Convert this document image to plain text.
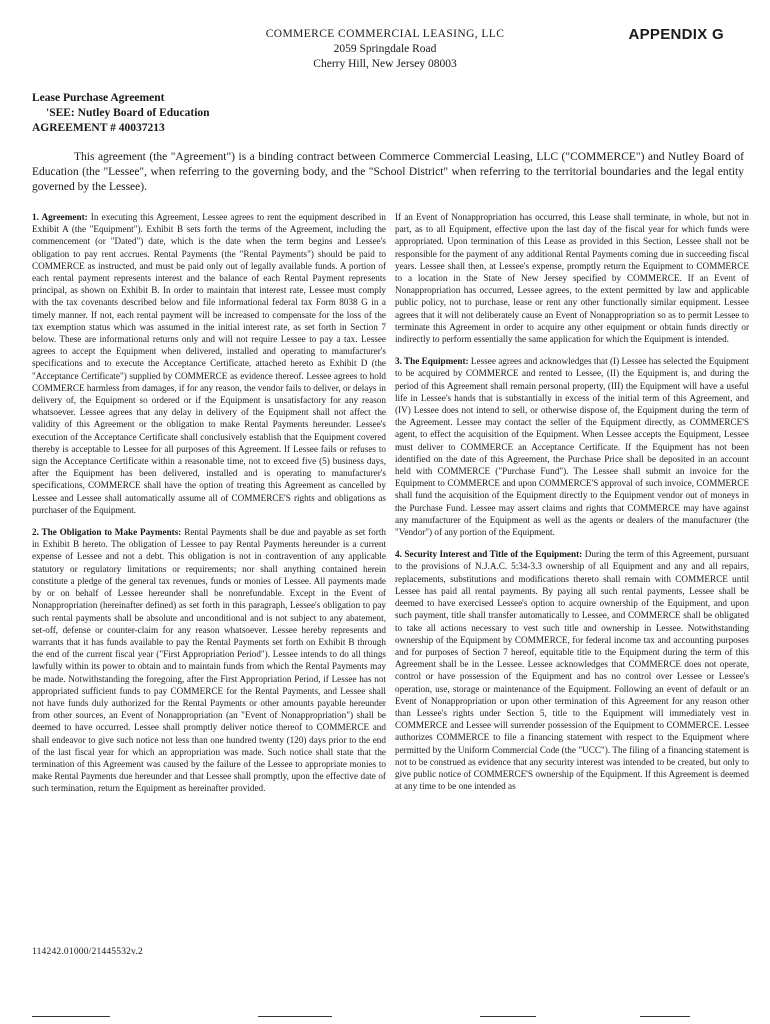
APPENDIX G
COMMERCE COMMERCIAL LEASING, LLC
2059 Springdale Road
Cherry Hill, New Jersey 08003
Lease Purchase Agreement
'SEE: Nutley Board of Education
AGREEMENT # 40037213
This agreement (the "Agreement") is a binding contract between Commerce Commercial Leasing, LLC ("COMMERCE") and Nutley Board of Education (the "Lessee", when referring to the governing body, and the "School District" when referring to the territorial boundaries and the legal entity governed by the Lessee).

1. Agreement: In executing this Agreement, Lessee agrees to rent the equipment described in Exhibit A (the "Equipment"). Exhibit B sets forth the terms of the Agreement, including the commencement (or "Dated") date, which is the date when the term begins and Lessee's obligation to pay rent accrues. Rental Payments (the "Rental Payments") should be paid to COMMERCE as instructed, and must be paid only out of legally available funds. A portion of each rental payment represents interest and the balance of each Rental Payment represents principal, as shown on Exhibit B. In order to maintain that interest rate, Lessee must comply with the tax covenants described below and file informational federal tax Form 8038 G in a timely manner. If not, each rental payment will be increased to compensate for the loss of the tax exemption status which was assumed in the initial interest rate, as set forth in Section 7 below. These are informational returns only and will not require Lessee to pay a tax. Lessee agrees to accept the Equipment when delivered, installed and operating to manufacturer's specifications and to execute the Acceptance Certificate, attached hereto as Exhibit D (the "Acceptance Certificate") supplied by COMMERCE as evidence thereof. Lessee agrees to hold COMMERCE harmless from damages, if for any reason, the vendor fails to deliver, or delays in delivery of, the Equipment so ordered or if the Equipment is unsatisfactory for any reason whatsoever. Lessee agrees that any delay in delivery of the Equipment shall not affect the validity of this Agreement or the obligation to make Rental Payments hereunder. Lessee's execution of the Acceptance Certificate shall conclusively establish that the Equipment covered thereby is acceptable to Lessee for all purposes of this Agreement. If Lessee fails or refuses to sign the Acceptance Certificate within a reasonable time, not to exceed five (5) business days, after the Equipment has been delivered, installed and is operating to manufacturer's specifications, COMMERCE shall have the option of treating this Agreement as cancelled by Lessee and Lessee shall automatically assume all of COMMERCE'S rights and obligations as purchaser of the Equipment.

2. The Obligation to Make Payments: Rental Payments shall be due and payable as set forth in Exhibit B hereto. The obligation of Lessee to pay Rental Payments hereunder is a current expense of Lessee and not a debt. This obligation is not in contravention of any applicable statutory or regulatory limitations or requirements; nor shall anything contained herein constitute a pledge of the general tax revenues, funds or monies of Lessee. All payments made by or on behalf of Lessee hereunder shall be nonrefundable. Except in the Event of Nonappropriation (hereinafter defined) as set forth in this paragraph, Lessee's obligation to pay such rental payments shall be absolute and unconditional and is not subject to any abatement, set-off, defense or counter-claim for any reason whatsoever. Lessee hereby represents and warrants that it has funds available to pay the Rental Payments set forth on Exhibit B through the end of the current fiscal year ("First Appropriation Period"). Lessee intends to do all things lawfully within its power to obtain and to maintain funds from which the Rental Payments may be made. Notwithstanding the foregoing, after the First Appropriation Period, if Lessee has not appropriated sufficient funds to pay COMMERCE for the Rental Payments, and Lessee shall not have funds duly authorized for the Rental Payments or other amounts payable hereunder from other sources, an Event of Nonappropriation (an "Event of Nonappropriation") shall be deemed to have occurred. Lessee shall promptly deliver notice thereof to COMMERCE and shall endeavor to give such notice not less than one hundred twenty (120) days prior to the end of the last fiscal year for which an appropriation was made. Such notice shall state that the termination of this Agreement was caused by the failure of the Lessee to appropriate monies to make Rental Payments due hereunder and that Lessee shall promptly, upon the effective date of such termination, return the Equipment as hereinafter provided.

If an Event of Nonappropriation has occurred, this Lease shall terminate, in whole, but not in part, as to all Equipment, effective upon the last day of the fiscal year for which funds were appropriated. Upon termination of this Lease as provided in this Section, Lessee shall not be responsible for the payment of any additional Rental Payments coming due in succeeding fiscal years. Lessee shall then, at Lessee's expense, promptly return the Equipment to COMMERCE to a location in the State of New Jersey specified by COMMERCE. If an Event of Nonappropriation has occurred, Lessee agrees, to the extent permitted by law and applicable public policy, not to purchase, lease or rent any other functionally similar equipment. Lessee agrees that it will not deliberately cause an Event of Nonappropriation so as to permit Lessee to terminate this Agreement in order to acquire any other equipment or obtain funds directly or indirectly to perform essentially the same application for which the Equipment is intended.

3. The Equipment: Lessee agrees and acknowledges that (I) Lessee has selected the Equipment to be acquired by COMMERCE and rented to Lessee, (II) the Equipment is, and during the period of this Agreement shall remain personal property, (III) the Equipment will have a useful life in Lessee's hands that is substantially in excess of the initial term of this Agreement, and (IV) Lessee does not intend to sell, or otherwise dispose of, the Equipment during the term of the Agreement. Lessee may contact the seller of the Equipment directly, as COMMERCE'S agent, to effect the acquisition of the Equipment. When Lessee accepts the Equipment, Lessee must deliver to COMMERCE an Acceptance Certificate. If the Equipment has not been identified on the date of this Agreement, the Purchase Price shall be deposited in an account held with COMMERCE ("Purchase Fund"). The Lessee shall submit an invoice for the Equipment to COMMERCE and upon COMMERCE'S approval of such invoice, COMMERCE shall fund the acquisition of the Equipment directly to the Equipment vendor out of moneys in the Purchase Fund. Lessee may assert claims and rights that COMMERCE may have against any manufacturer of the Equipment as well as the agents or dealers of the manufacturer (the "Vendor") of any portion of the Equipment.

4. Security Interest and Title of the Equipment: During the term of this Agreement, pursuant to the provisions of N.J.A.C. 5:34-3.3 ownership of all Equipment and any and all repairs, replacements, substitutions and modifications thereto shall remain with COMMERCE until Lessee has paid all rental payments. By paying all such rental payments, Lessee shall be deemed to have exercised Lessee's option to acquire ownership of the Equipment, and upon such payment, title shall transfer automatically to Lessee, and COMMERCE shall be obligated to take all actions necessary to vest such title and ownership in Lessee. Notwithstanding ownership of the Equipment by COMMERCE, for federal income tax and accounting purposes and for purposes of Section 7 hereof, equitable title to the Equipment during the term of this Agreement shall be in the Lessee. Lessee acknowledges that COMMERCE does not operate, control or have possession of the Equipment and has no control over Lessee or Lessee's operation, use, storage or maintenance of the Equipment. Following an event of default or an Event of Nonappropriation or upon other termination of this Agreement for any reason other than Lessee's rights under Section 5, title to the Equipment will immediately vest in COMMERCE and Lessee will surrender possession of the Equipment to COMMERCE. Lessee authorizes COMMERCE to file a financing statement with respect to the Equipment where permitted by the Uniform Commercial Code (the "UCC"). The filing of a financing statement is not to be construed as evidence that any security interest was intended to be created, but only to give public notice of COMMERCE'S ownership of the Equipment. If this Agreement is deemed at any time to be one intended as

114242.01000/21445532v.2
